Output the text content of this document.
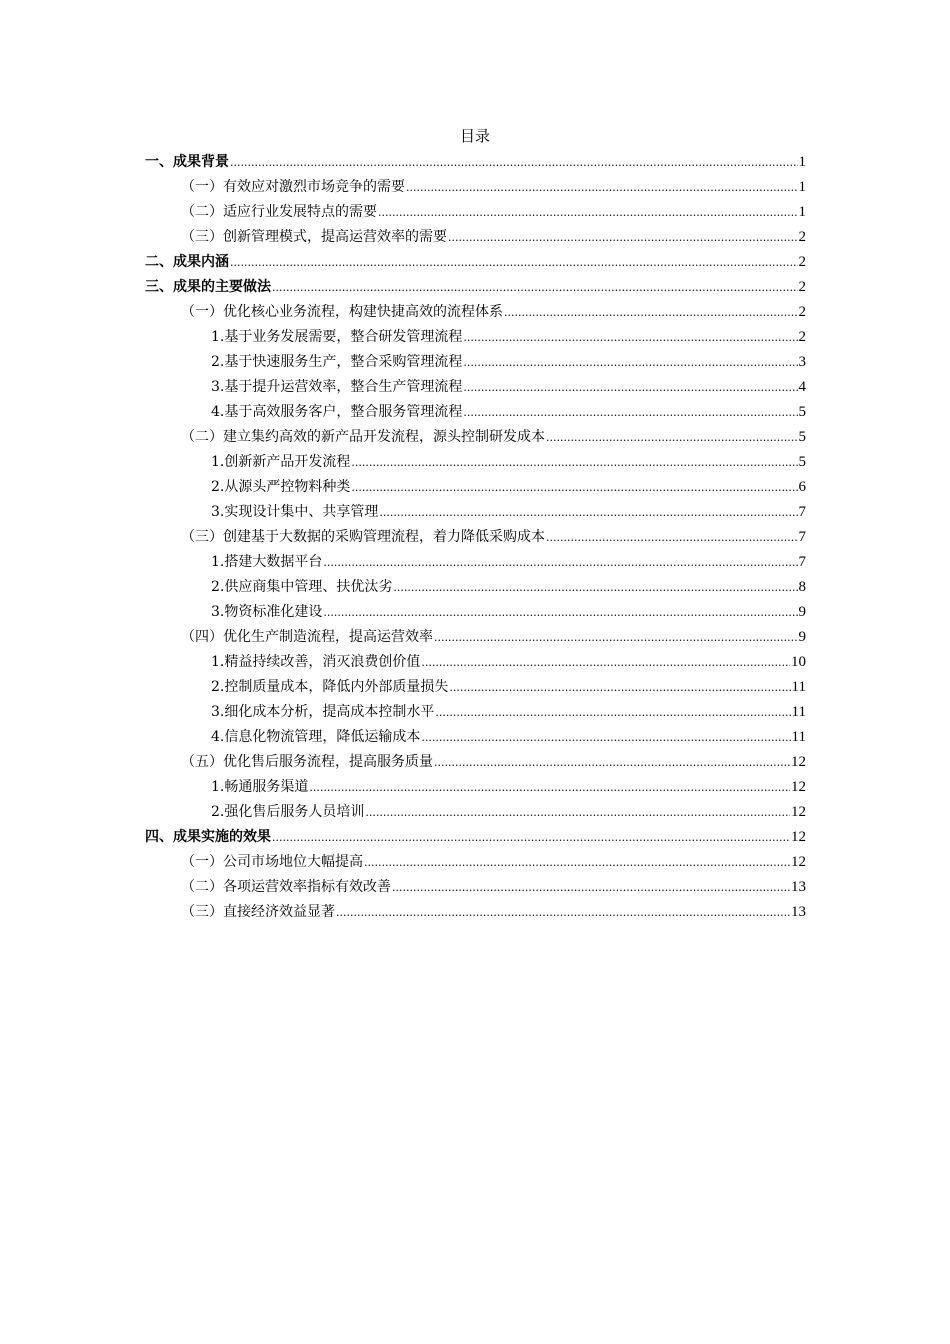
目录
一、成果背景 .....	1
（一）有效应对激烈市场竞争的需要 .....	1
（二）适应行业发展特点的需要 .....	1
（三）创新管理模式，提高运营效率的需要 .....	2
二、成果内涵 .....	2
三、成果的主要做法 .....	2
（一）优化核心业务流程，构建快捷高效的流程体系 .....	2
1.基于业务发展需要，整合研发管理流程 .....	2
2.基于快速服务生产，整合采购管理流程 .....	3
3.基于提升运营效率，整合生产管理流程 .....	4
4.基于高效服务客户，整合服务管理流程 .....	5
（二）建立集约高效的新产品开发流程，源头控制研发成本 .....	5
1.创新新产品开发流程 .....	5
2.从源头严控物料种类 .....	6
3.实现设计集中、共享管理 .....	7
（三）创建基于大数据的采购管理流程，着力降低采购成本 .....	7
1.搭建大数据平台 .....	7
2.供应商集中管理、扶优汰劣 .....	8
3.物资标准化建设 .....	9
（四）优化生产制造流程，提高运营效率 .....	9
1.精益持续改善，消灭浪费创价值 .....	10
2.控制质量成本，降低内外部质量损失 .....	11
3.细化成本分析，提高成本控制水平 .....	11
4.信息化物流管理，降低运输成本 .....	11
（五）优化售后服务流程，提高服务质量 .....	12
1.畅通服务渠道 .....	12
2.强化售后服务人员培训 .....	12
四、成果实施的效果 .....	12
（一）公司市场地位大幅提高 .....	12
（二）各项运营效率指标有效改善 .....	13
（三）直接经济效益显著 .....	13
